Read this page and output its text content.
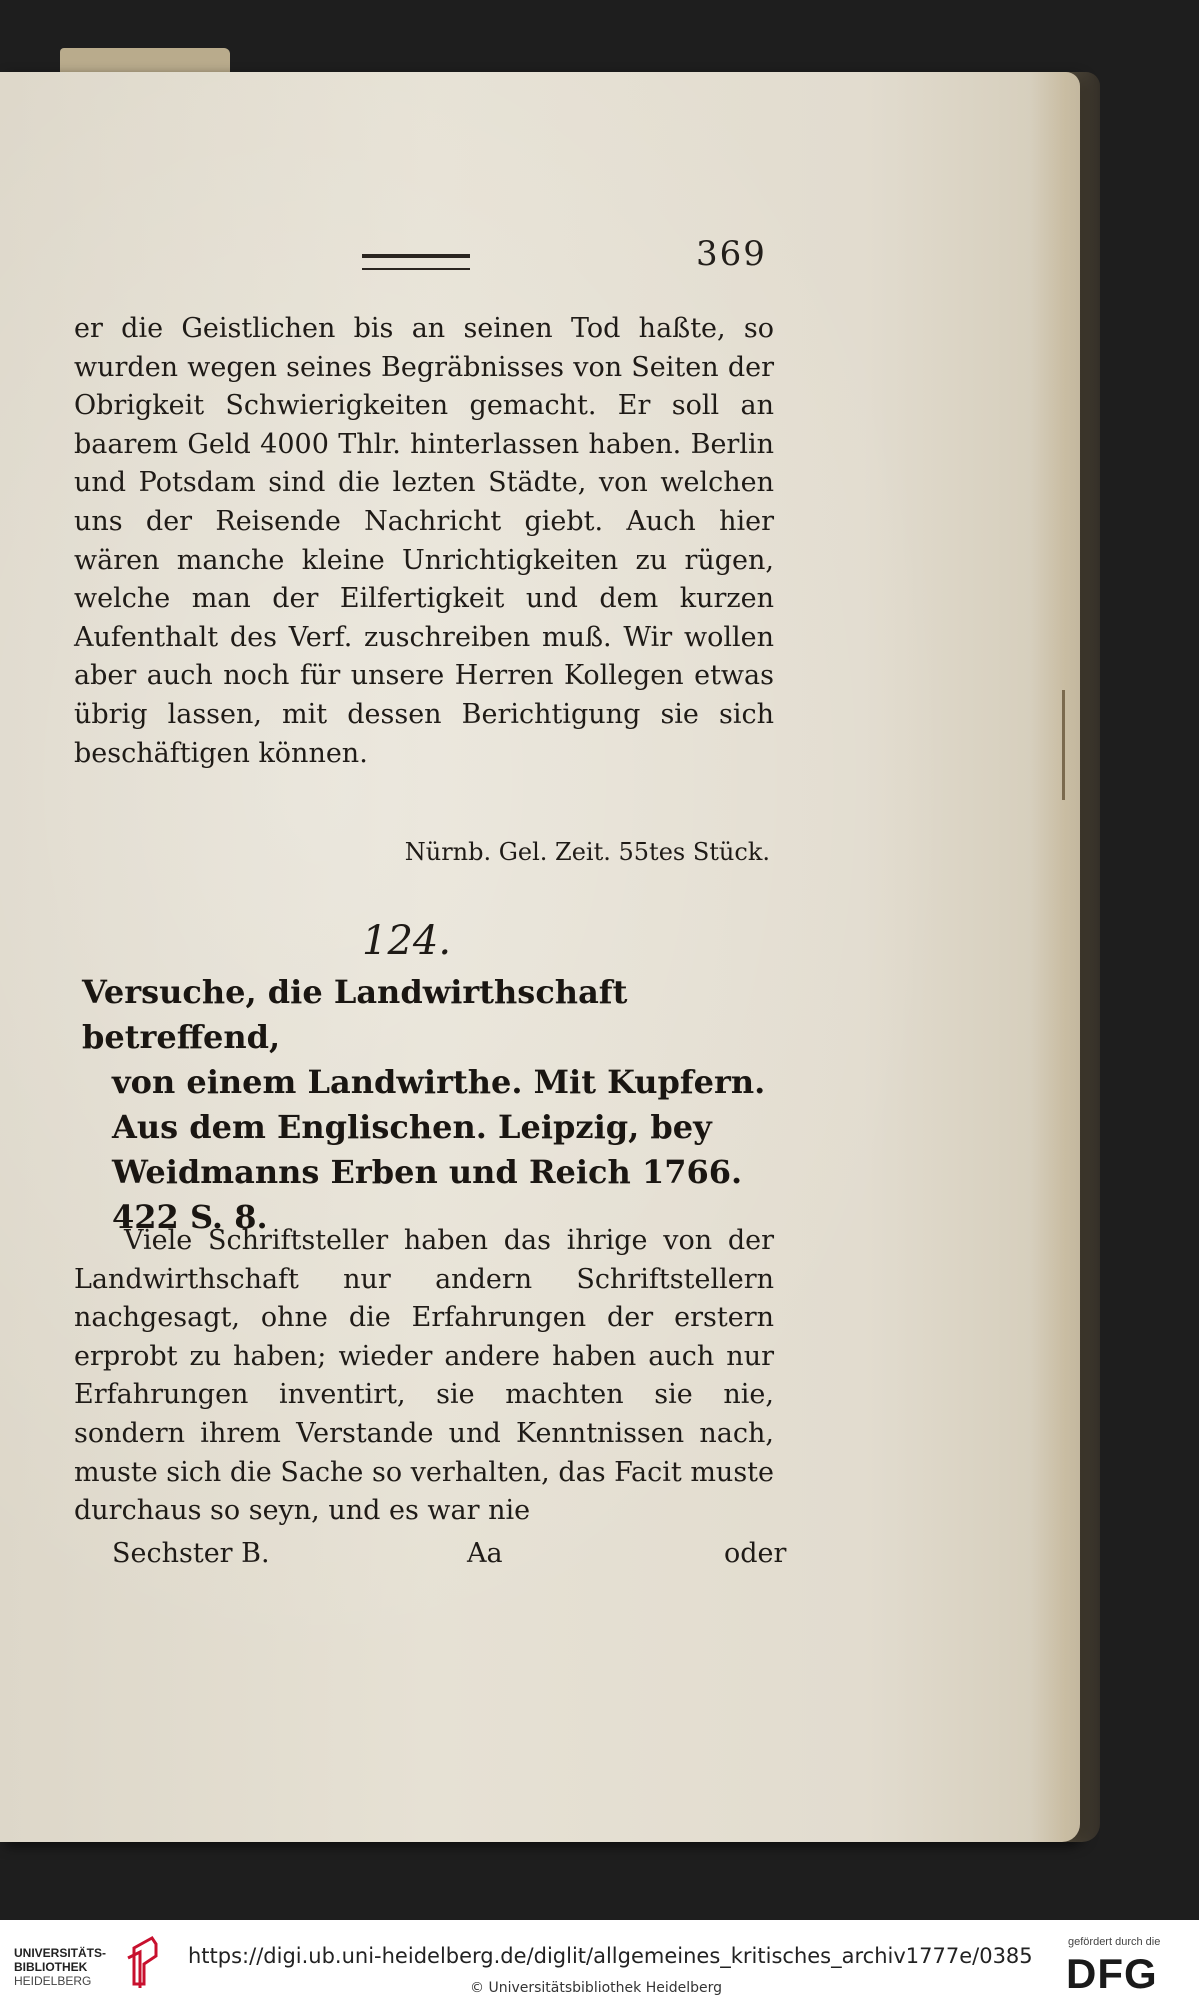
369

er die Geistlichen bis an seinen Tod haßte, so wurden wegen seines Begräbnisses von Seiten der Obrigkeit Schwierigkeiten gemacht. Er soll an baarem Geld 4000 Thlr. hinterlassen haben. Berlin und Potsdam sind die lezten Städte, von welchen uns der Reisende Nachricht giebt. Auch hier wären manche kleine Unrichtigkeiten zu rügen, welche man der Eilfertigkeit und dem kurzen Aufenthalt des Verf. zuschreiben muß. Wir wollen aber auch noch für unsere Herren Kollegen etwas übrig lassen, mit dessen Berichtigung sie sich beschäftigen können.

Nürnb. Gel. Zeit. 55tes Stück.
124.
Versuche, die Landwirthschaft betreffend,
von einem Landwirthe. Mit Kupfern. Aus dem Englischen. Leipzig, bey Weidmanns Erben und Reich 1766. 422 S. 8.

Viele Schriftsteller haben das ihrige von der Landwirthschaft nur andern Schriftstellern nachgesagt, ohne die Erfahrungen der erstern erprobt zu haben; wieder andere haben auch nur Erfahrungen inventirt, sie machten sie nie, sondern ihrem Verstande und Kenntnissen nach, muste sich die Sache so verhalten, das Facit muste durchaus so seyn, und es war nie

Sechster B.	Aa	oder
UNIVERSITÄTS-
BIBLIOTHEK
HEIDELBERG
https://digi.ub.uni-heidelberg.de/diglit/allgemeines_kritisches_archiv1777e/0385
© Universitätsbibliothek Heidelberg
gefördert durch die
DFG
